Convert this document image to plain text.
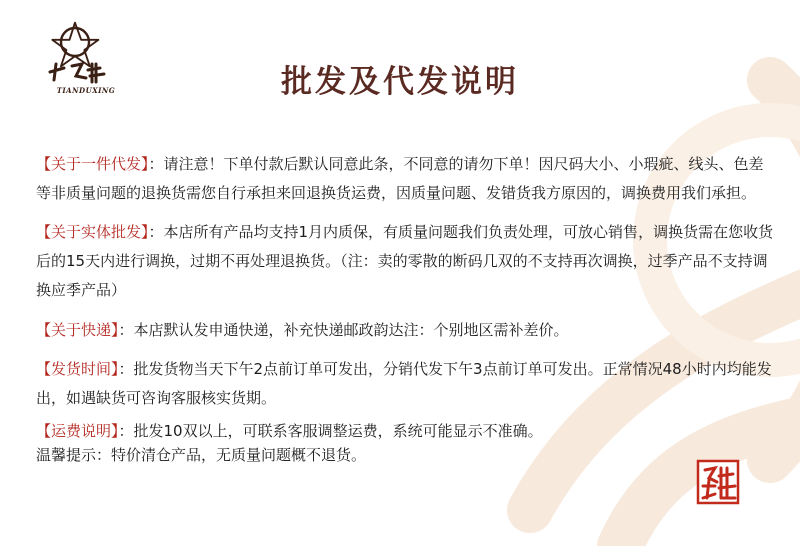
TIANDUXING	批发及代发说明

【关于一件代发】：请注意！下单付款后默认同意此条，不同意的请勿下单！因尺码大小、小瑕疵、线头、色差等非质量问题的退换货需您自行承担来回退换货运费，因质量问题、发错货我方原因的，调换费用我们承担。

【关于实体批发】：本店所有产品均支持1月内质保，有质量问题我们负责处理，可放心销售，调换货需在您收货后的15天内进行调换，过期不再处理退换货。（注：卖的零散的断码几双的不支持再次调换，过季产品不支持调换应季产品）

【关于快递】：本店默认发申通快递，补充快递邮政韵达注：个别地区需补差价。

【发货时间】：批发货物当天下午2点前订单可发出，分销代发下午3点前订单可发出。正常情况48小时内均能发出，如遇缺货可咨询客服核实货期。

【运费说明】：批发10双以上，可联系客服调整运费，系统可能显示不准确。
温馨提示：特价清仓产品，无质量问题概不退货。
